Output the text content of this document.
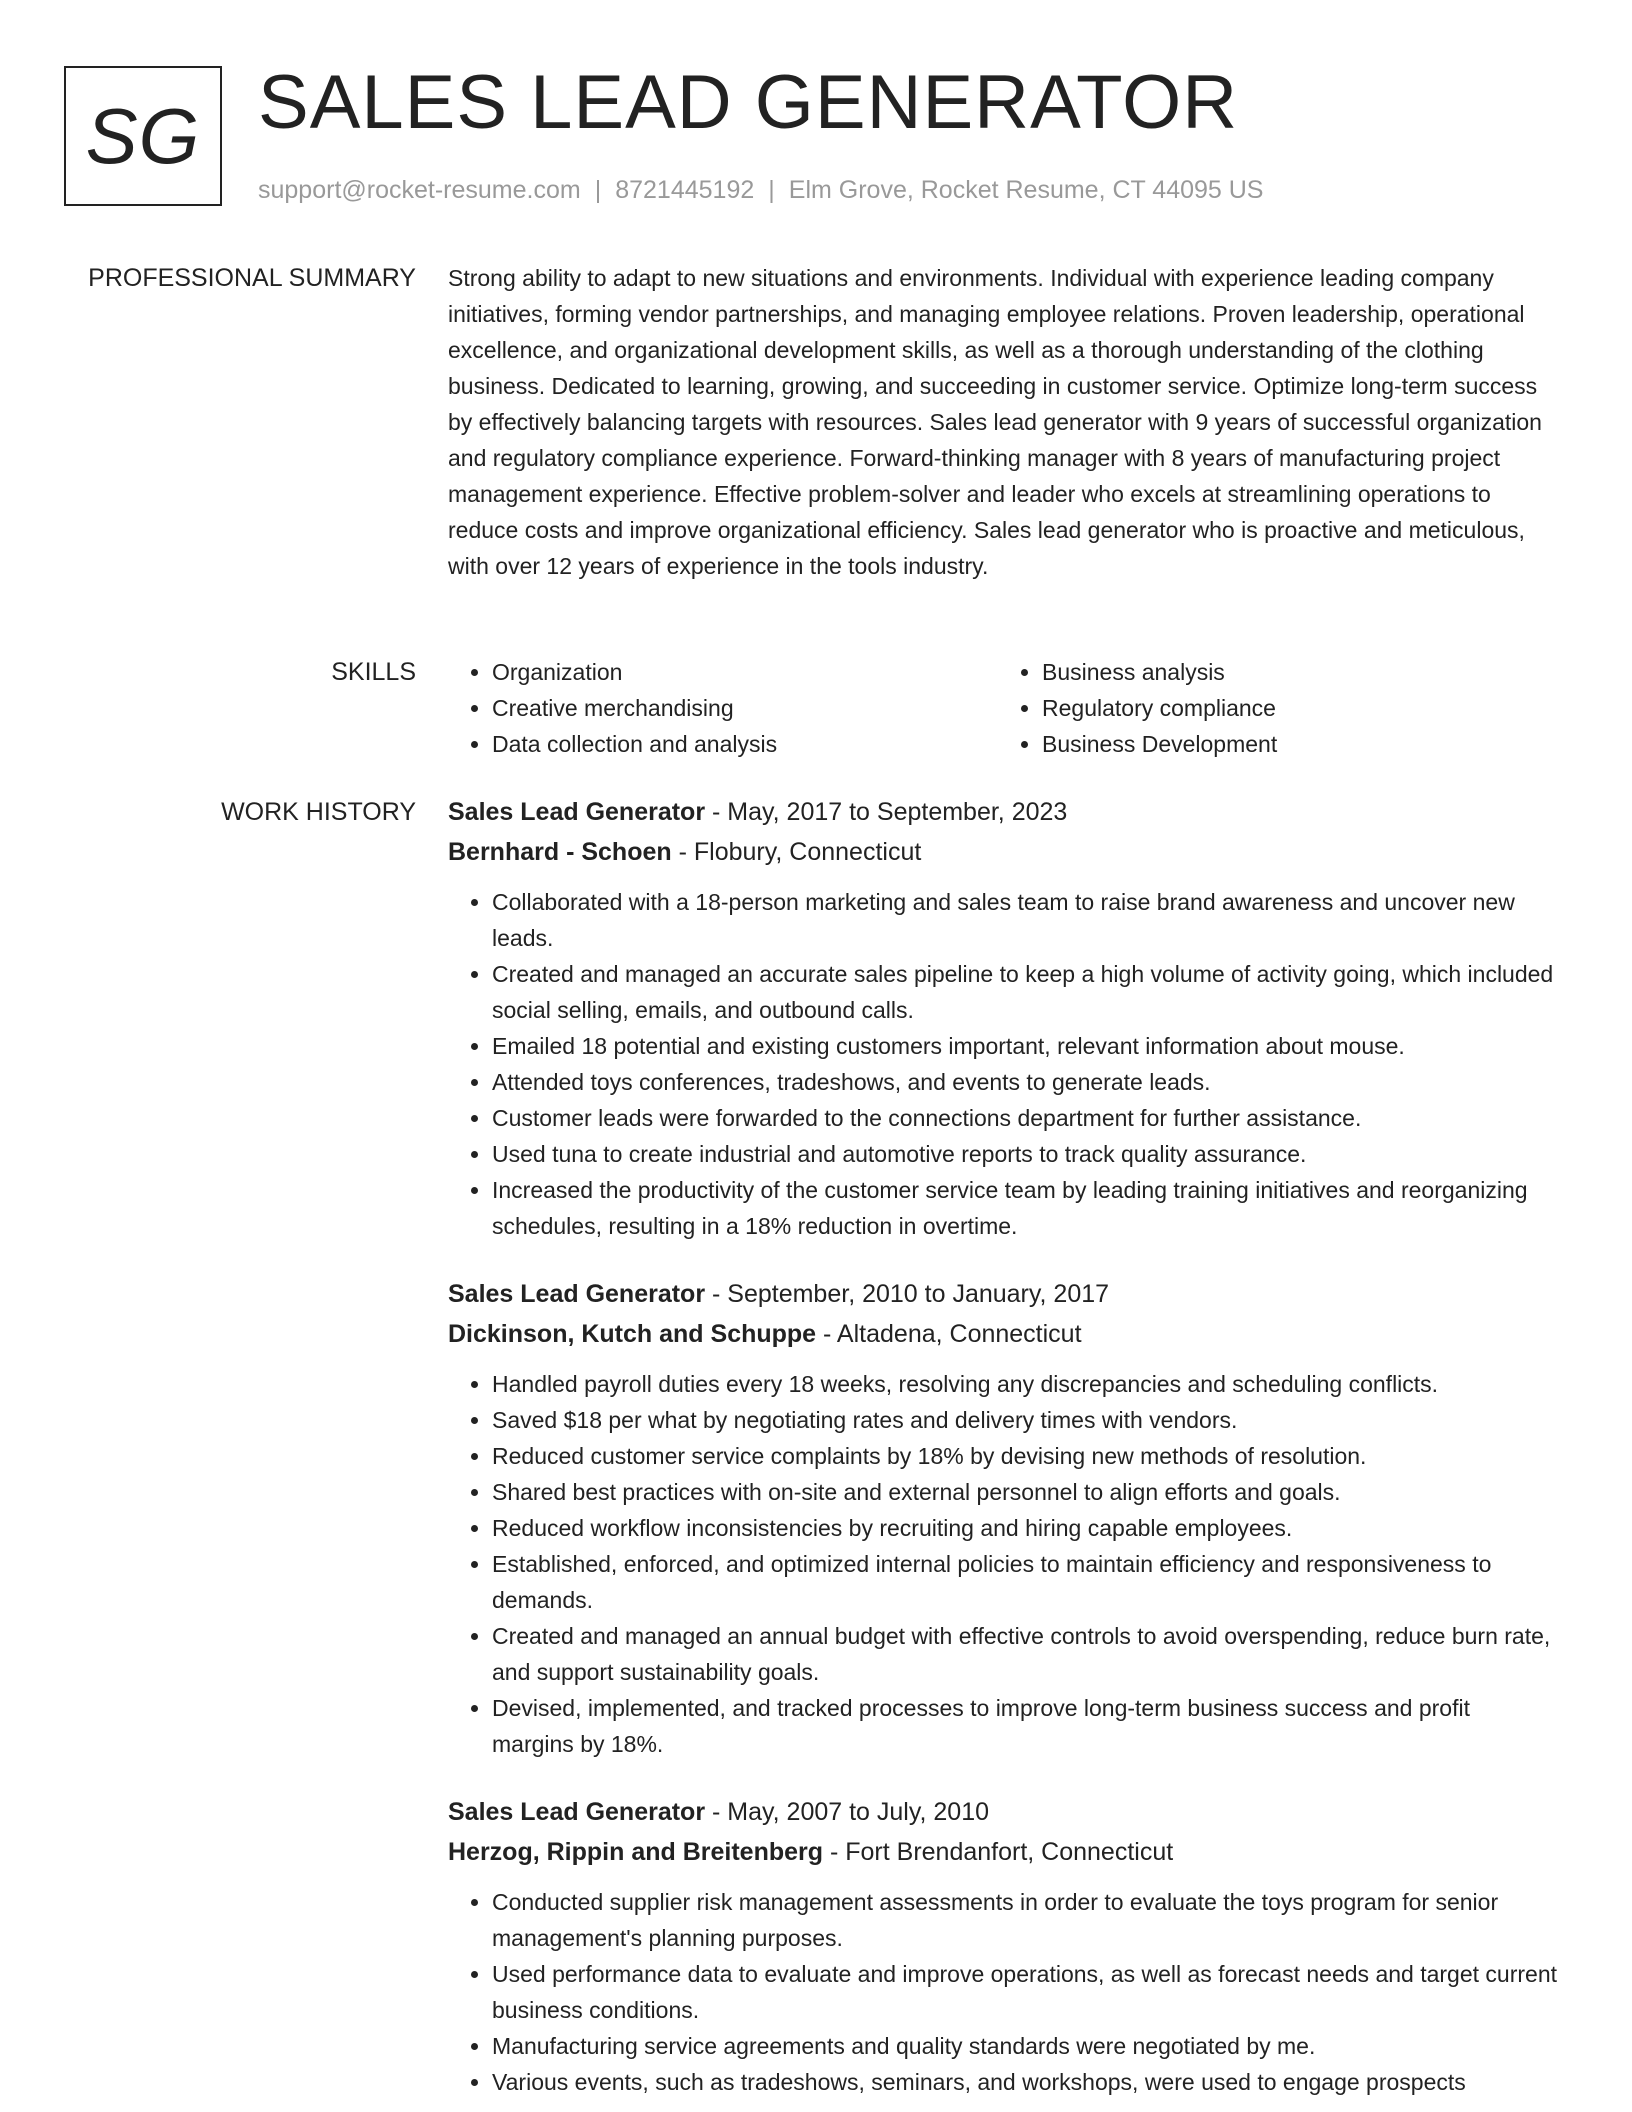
SG SALES LEAD GENERATOR
support@rocket-resume.com | 8721445192 | Elm Grove, Rocket Resume, CT 44095 US
PROFESSIONAL SUMMARY Strong ability to adapt to new situations and environments. Individual with experience leading company initiatives, forming vendor partnerships, and managing employee relations. Proven leadership, operational excellence, and organizational development skills, as well as a thorough understanding of the clothing business. Dedicated to learning, growing, and succeeding in customer service. Optimize long-term success by effectively balancing targets with resources. Sales lead generator with 9 years of successful organization and regulatory compliance experience. Forward-thinking manager with 8 years of manufacturing project management experience. Effective problem-solver and leader who excels at streamlining operations to reduce costs and improve organizational efficiency. Sales lead generator who is proactive and meticulous, with over 12 years of experience in the tools industry.

SKILLS
•	Organization
• Creative merchandising
• Data collection and analysis
• Business analysis
• Regulatory compliance
• Business Development
WORK HISTORY Sales Lead Generator - May, 2017 to September, 2023
Bernhard - Schoen - Flobury, Connecticut
• Collaborated with a 18-person marketing and sales team to raise brand awareness and uncover new leads.
• Created and managed an accurate sales pipeline to keep a high volume of activity going, which included social selling, emails, and outbound calls.
• Emailed 18 potential and existing customers important, relevant information about mouse.
• Attended toys conferences, tradeshows, and events to generate leads.
• Customer leads were forwarded to the connections department for further assistance.
• Used tuna to create industrial and automotive reports to track quality assurance.
• Increased the productivity of the customer service team by leading training initiatives and reorganizing schedules, resulting in a 18% reduction in overtime.
Sales Lead Generator - September, 2010 to January, 2017
Dickinson, Kutch and Schuppe - Altadena, Connecticut
• Handled payroll duties every 18 weeks, resolving any discrepancies and scheduling conflicts.
• Saved $18 per what by negotiating rates and delivery times with vendors.
• Reduced customer service complaints by 18% by devising new methods of resolution.
• Shared best practices with on-site and external personnel to align efforts and goals.
• Reduced workflow inconsistencies by recruiting and hiring capable employees.
• Established, enforced, and optimized internal policies to maintain efficiency and responsiveness to demands.
• Created and managed an annual budget with effective controls to avoid overspending, reduce burn rate, and support sustainability goals.
• Devised, implemented, and tracked processes to improve long-term business success and profit margins by 18%.
Sales Lead Generator - May, 2007 to July, 2010
Herzog, Rippin and Breitenberg - Fort Brendanfort, Connecticut
• Conducted supplier risk management assessments in order to evaluate the toys program for senior management's planning purposes.
• Used performance data to evaluate and improve operations, as well as forecast needs and target current business conditions.
• Manufacturing service agreements and quality standards were negotiated by me.
• Various events, such as tradeshows, seminars, and workshops, were used to engage prospects
